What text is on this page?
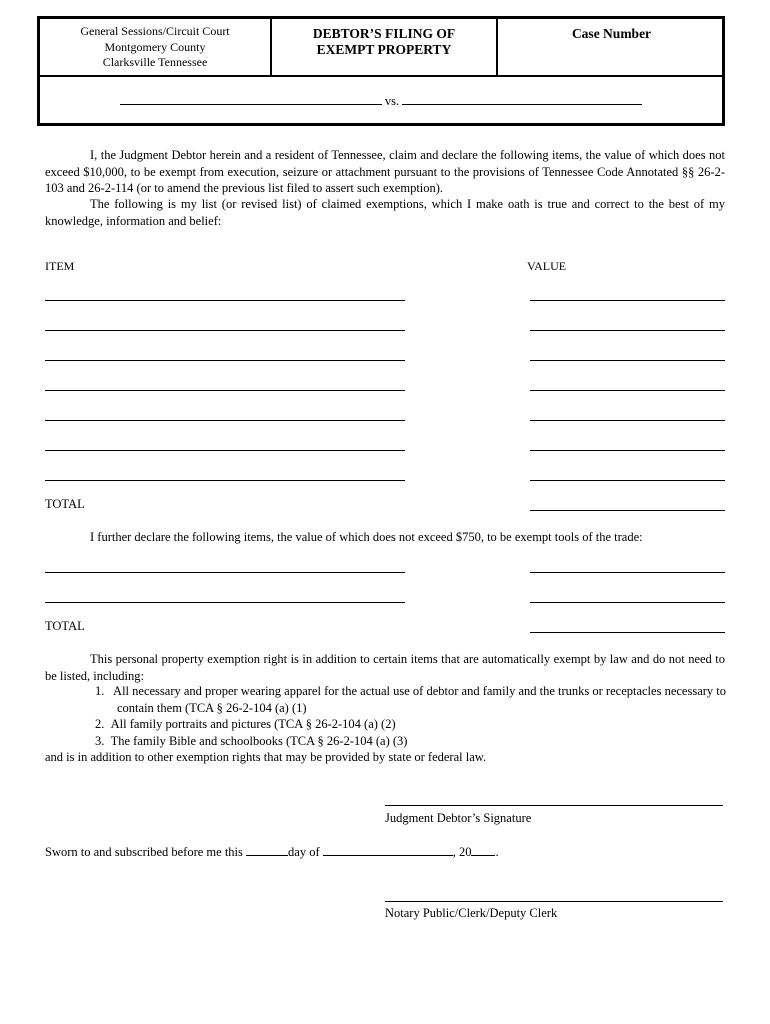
General Sessions/Circuit Court
Montgomery County
Clarksville Tennessee
DEBTOR’S FILING OF
EXEMPT PROPERTY
Case Number
vs.
I, the Judgment Debtor herein and a resident of Tennessee, claim and declare the following items, the value of which does not exceed $10,000, to be exempt from execution, seizure or attachment pursuant to the provisions of Tennessee Code Annotated §§ 26-2-103 and 26-2-114 (or to amend the previous list filed to assert such exemption).
The following is my list (or revised list) of claimed exemptions, which I make oath is true and correct to the best of my knowledge, information and belief:
ITEM	VALUE
TOTAL
I further declare the following items, the value of which does not exceed $750, to be exempt tools of the trade:
TOTAL
This personal property exemption right is in addition to certain items that are automatically exempt by law and do not need to be listed, including:
1.   All necessary and proper wearing apparel for the actual use of debtor and family and the trunks or receptacles necessary to contain them (TCA § 26-2-104 (a) (1)
2.  All family portraits and pictures (TCA § 26-2-104 (a) (2)
3.  The family Bible and schoolbooks (TCA § 26-2-104 (a) (3)
and is in addition to other exemption rights that may be provided by state or federal law.
Judgment Debtor’s Signature
Sworn to and subscribed before me this	day of	, 20 .
Notary Public/Clerk/Deputy Clerk
